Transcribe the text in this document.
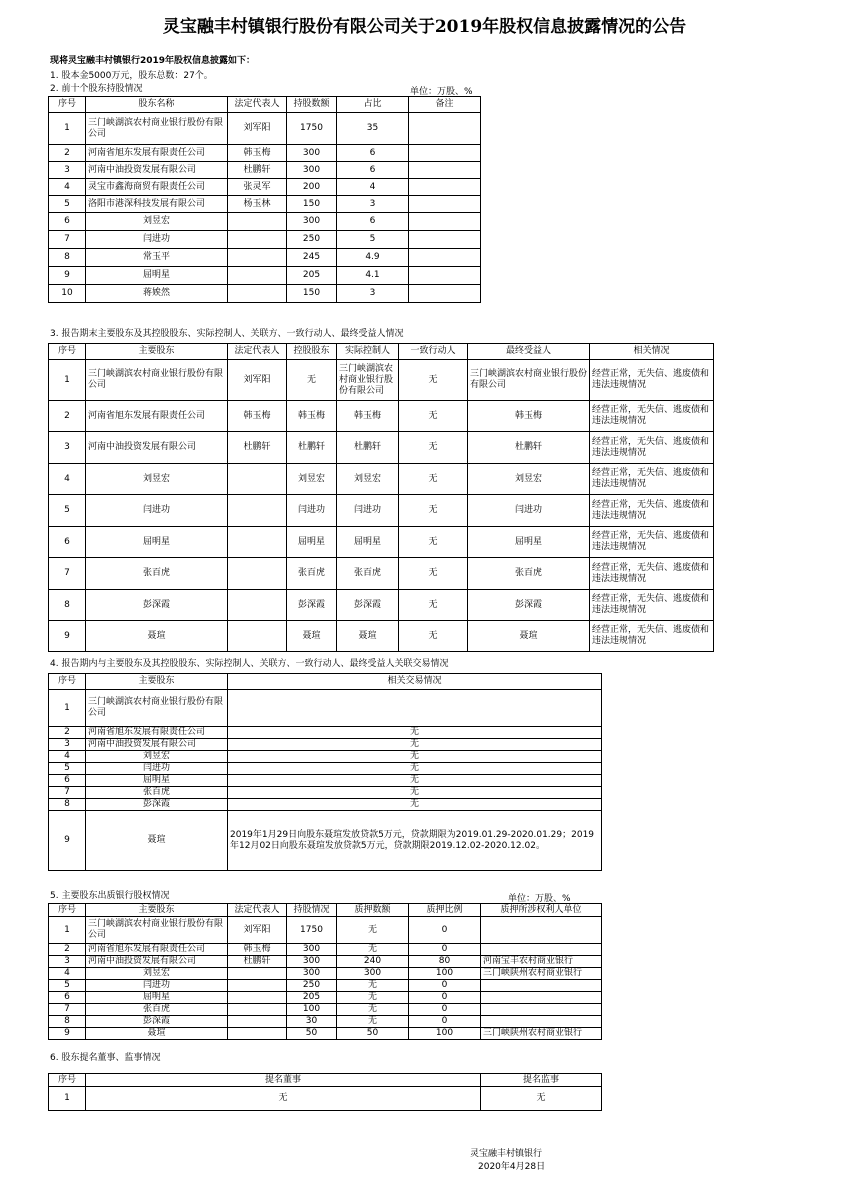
灵宝融丰村镇银行股份有限公司关于2019年股权信息披露情况的公告
现将灵宝融丰村镇银行2019年股权信息披露如下：
1. 股本金5000万元，股东总数：27个。
2. 前十个股东持股情况	单位：万股、%
序号	股东名称	法定代表人	持股数额	占比	备注
1	三门峡湖滨农村商业银行股份有限公司	刘军阳	1750	35	
2	河南省旭东发展有限责任公司	韩玉梅	300	6	
3	河南中油投资发展有限公司	杜鹏轩	300	6	
4	灵宝市鑫海商贸有限责任公司	张灵军	200	4	
5	洛阳市港深科技发展有限公司	杨玉林	150	3	
6	刘昱宏		300	6	
7	闫进功		250	5	
8	常玉平		245	4.9	
9	屈明星		205	4.1	
10	蒋娭然		150	3	
3. 报告期末主要股东及其控股股东、实际控制人、关联方、一致行动人、最终受益人情况
序号	主要股东	法定代表人	控股股东	实际控制人	一致行动人	最终受益人	相关情况
1	三门峡湖滨农村商业银行股份有限公司	刘军阳	无	三门峡湖滨农村商业银行股份有限公司	无	三门峡湖滨农村商业银行股份有限公司	经营正常，无失信、逃废债和违法违规情况
2	河南省旭东发展有限责任公司	韩玉梅	韩玉梅	韩玉梅	无	韩玉梅	经营正常，无失信、逃废债和违法违规情况
3	河南中油投资发展有限公司	杜鹏轩	杜鹏轩	杜鹏轩	无	杜鹏轩	经营正常，无失信、逃废债和违法违规情况
4	刘昱宏		刘昱宏	刘昱宏	无	刘昱宏	经营正常，无失信、逃废债和违法违规情况
5	闫进功		闫进功	闫进功	无	闫进功	经营正常，无失信、逃废债和违法违规情况
6	屈明星		屈明星	屈明星	无	屈明星	经营正常，无失信、逃废债和违法违规情况
7	张百虎		张百虎	张百虎	无	张百虎	经营正常，无失信、逃废债和违法违规情况
8	彭深霞		彭深霞	彭深霞	无	彭深霞	经营正常，无失信、逃废债和违法违规情况
9	聂瑄		聂瑄	聂瑄	无	聂瑄	经营正常，无失信、逃废债和违法违规情况
4. 报告期内与主要股东及其控股股东、实际控制人、关联方、一致行动人、最终受益人关联交易情况
序号	主要股东	相关交易情况
1	三门峡湖滨农村商业银行股份有限公司	
2	河南省旭东发展有限责任公司	无
3	河南中油投资发展有限公司	无
4	刘昱宏	无
5	闫进功	无
6	屈明星	无
7	张百虎	无
8	彭深霞	无
9	聂瑄	2019年1月29日向股东聂瑄发放贷款5万元，贷款期限为2019.01.29-2020.01.29；2019年12月02日向股东聂瑄发放贷款5万元，贷款期限2019.12.02-2020.12.02。
5. 主要股东出质银行股权情况	单位：万股、%
序号	主要股东	法定代表人	持股情况	质押数额	质押比例	质押所涉权利人单位
1	三门峡湖滨农村商业银行股份有限公司	刘军阳	1750	无	0	
2	河南省旭东发展有限责任公司	韩玉梅	300	无	0	
3	河南中油投资发展有限公司	杜鹏轩	300	240	80	河南宝丰农村商业银行
4	刘昱宏		300	300	100	三门峡陕州农村商业银行
5	闫进功		250	无	0	
6	屈明星		205	无	0	
7	张百虎		100	无	0	
8	彭深霞		30	无	0	
9	聂瑄		50	50	100	三门峡陕州农村商业银行
6. 股东提名董事、监事情况
序号	提名董事	提名监事
1	无	无
灵宝融丰村镇银行
2020年4月28日
